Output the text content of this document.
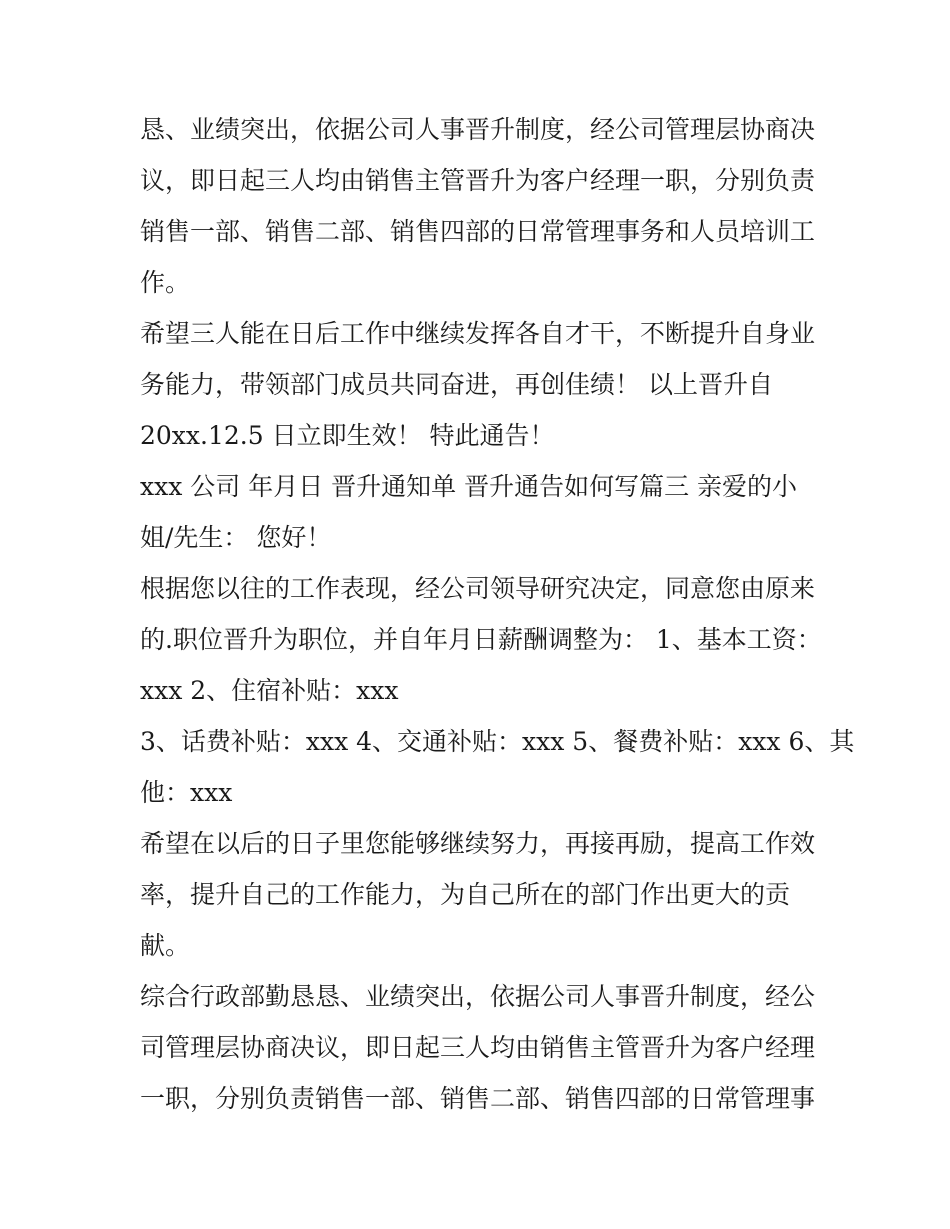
恳、业绩突出，依据公司人事晋升制度，经公司管理层协商决
议，即日起三人均由销售主管晋升为客户经理一职，分别负责
销售一部、销售二部、销售四部的日常管理事务和人员培训工
作。
希望三人能在日后工作中继续发挥各自才干，不断提升自身业
务能力，带领部门成员共同奋进，再创佳绩！ 以上晋升自
20xx.12.5 日立即生效！ 特此通告！
xxx 公司 年月日 晋升通知单 晋升通告如何写篇三 亲爱的小
姐/先生： 您好！
根据您以往的工作表现，经公司领导研究决定，同意您由原来
的.职位晋升为职位，并自年月日薪酬调整为： 1、基本工资：
xxx 2、住宿补贴：xxx
3、话费补贴：xxx 4、交通补贴：xxx 5、餐费补贴：xxx 6、其
他：xxx
希望在以后的日子里您能够继续努力，再接再励，提高工作效
率，提升自己的工作能力，为自己所在的部门作出更大的贡
献。
综合行政部勤恳恳、业绩突出，依据公司人事晋升制度，经公
司管理层协商决议，即日起三人均由销售主管晋升为客户经理
一职，分别负责销售一部、销售二部、销售四部的日常管理事
